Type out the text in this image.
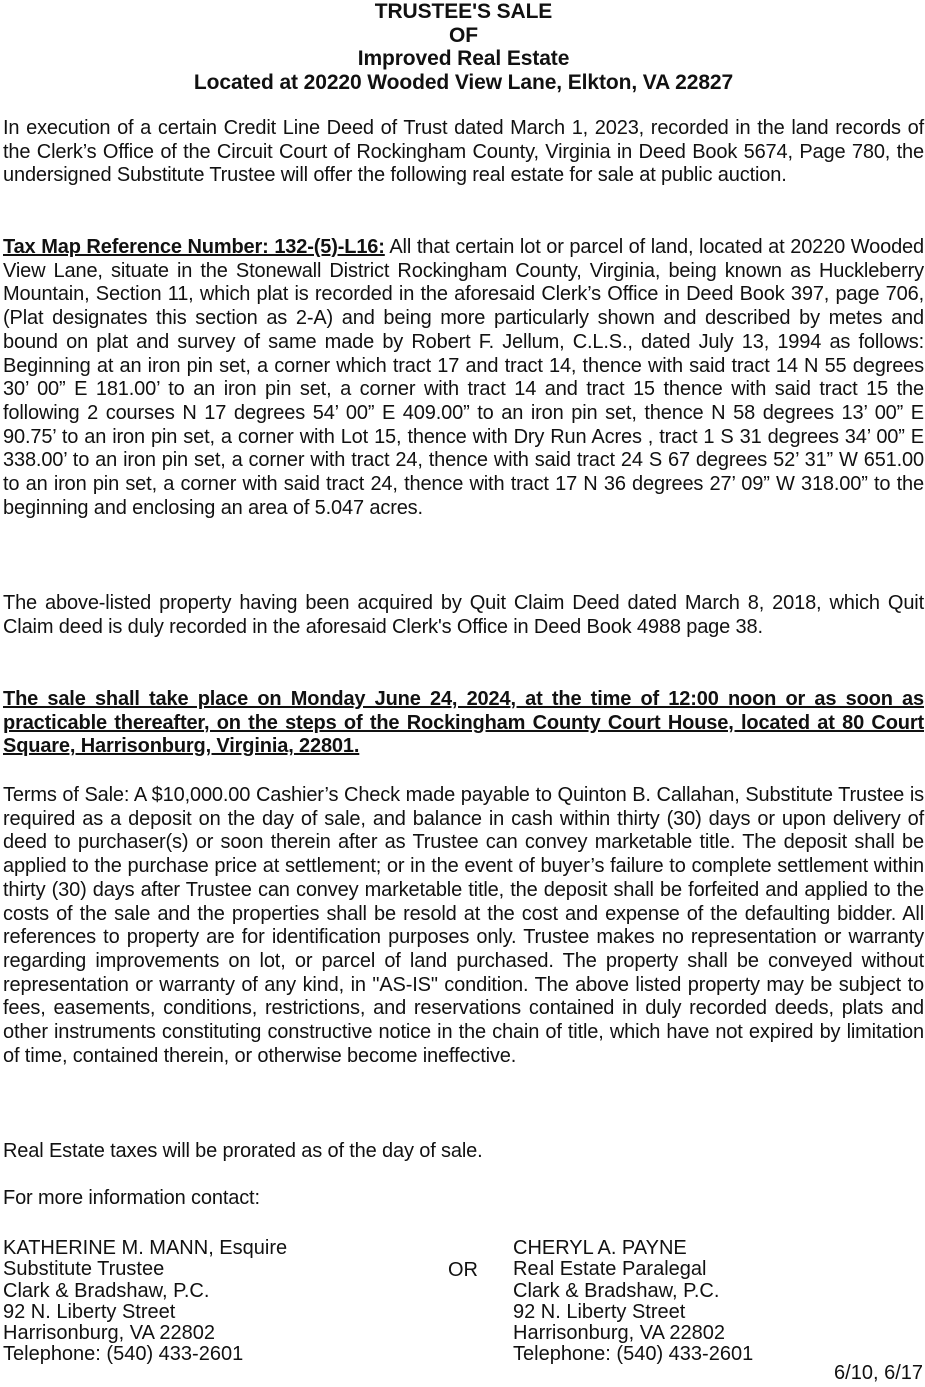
TRUSTEE'S SALE
OF
Improved Real Estate
Located at 20220 Wooded View Lane, Elkton, VA 22827

In execution of a certain Credit Line Deed of Trust dated March 1, 2023, recorded in the land records of the Clerk’s Office of the Circuit Court of Rockingham County, Virginia in Deed Book 5674, Page 780, the undersigned Substitute Trustee will offer the following real estate for sale at public auction.

Tax Map Reference Number: 132-(5)-L16: All that certain lot or parcel of land, located at 20220 Wooded View Lane, situate in the Stonewall District Rockingham County, Virginia, being known as Huckleberry Mountain, Section 11, which plat is recorded in the aforesaid Clerk’s Office in Deed Book 397, page 706, (Plat designates this section as 2-A) and being more particularly shown and described by metes and bound on plat and survey of same made by Robert F. Jellum, C.L.S., dated July 13, 1994 as follows: Beginning at an iron pin set, a corner which tract 17 and tract 14, thence with said tract 14 N 55 degrees 30’ 00” E 181.00’ to an iron pin set, a corner with tract 14 and tract 15 thence with said tract 15 the following 2 courses N 17 degrees 54’ 00” E 409.00” to an iron pin set, thence N 58 degrees 13’ 00” E 90.75’ to an iron pin set, a corner with Lot 15, thence with Dry Run Acres , tract 1 S 31 degrees 34’ 00” E 338.00’ to an iron pin set, a corner with tract 24, thence with said tract 24 S 67 degrees 52’ 31” W 651.00 to an iron pin set, a corner with said tract 24, thence with tract 17 N 36 degrees 27’ 09” W 318.00” to the beginning and enclosing an area of 5.047 acres.

The above-listed property having been acquired by Quit Claim Deed dated March 8, 2018, which Quit Claim deed is duly recorded in the aforesaid Clerk's Office in Deed Book 4988 page 38.

The sale shall take place on Monday June 24, 2024, at the time of 12:00 noon or as soon as practicable thereafter, on the steps of the Rockingham County Court House, located at 80 Court Square, Harrisonburg, Virginia, 22801.

Terms of Sale: A $10,000.00 Cashier’s Check made payable to Quinton B. Callahan, Substitute Trustee is required as a deposit on the day of sale, and balance in cash within thirty (30) days or upon delivery of deed to purchaser(s) or soon therein after as Trustee can convey marketable title. The deposit shall be applied to the purchase price at settlement; or in the event of buyer’s failure to complete settlement within thirty (30) days after Trustee can convey marketable title, the deposit shall be forfeited and applied to the costs of the sale and the properties shall be resold at the cost and expense of the defaulting bidder. All references to property are for identification purposes only. Trustee makes no representation or warranty regarding improvements on lot, or parcel of land purchased. The property shall be conveyed without representation or warranty of any kind, in "AS-IS" condition. The above listed property may be subject to fees, easements, conditions, restrictions, and reservations contained in duly recorded deeds, plats and other instruments constituting constructive notice in the chain of title, which have not expired by limitation of time, contained therein, or otherwise become ineffective.

Real Estate taxes will be prorated as of the day of sale.

For more information contact:

KATHERINE M. MANN, Esquire
Substitute Trustee
Clark & Bradshaw, P.C.
92 N. Liberty Street
Harrisonburg, VA 22802
Telephone: (540) 433-2601
OR
CHERYL A. PAYNE
Real Estate Paralegal
Clark & Bradshaw, P.C.
92 N. Liberty Street
Harrisonburg, VA 22802
Telephone: (540) 433-2601
6/10, 6/17
